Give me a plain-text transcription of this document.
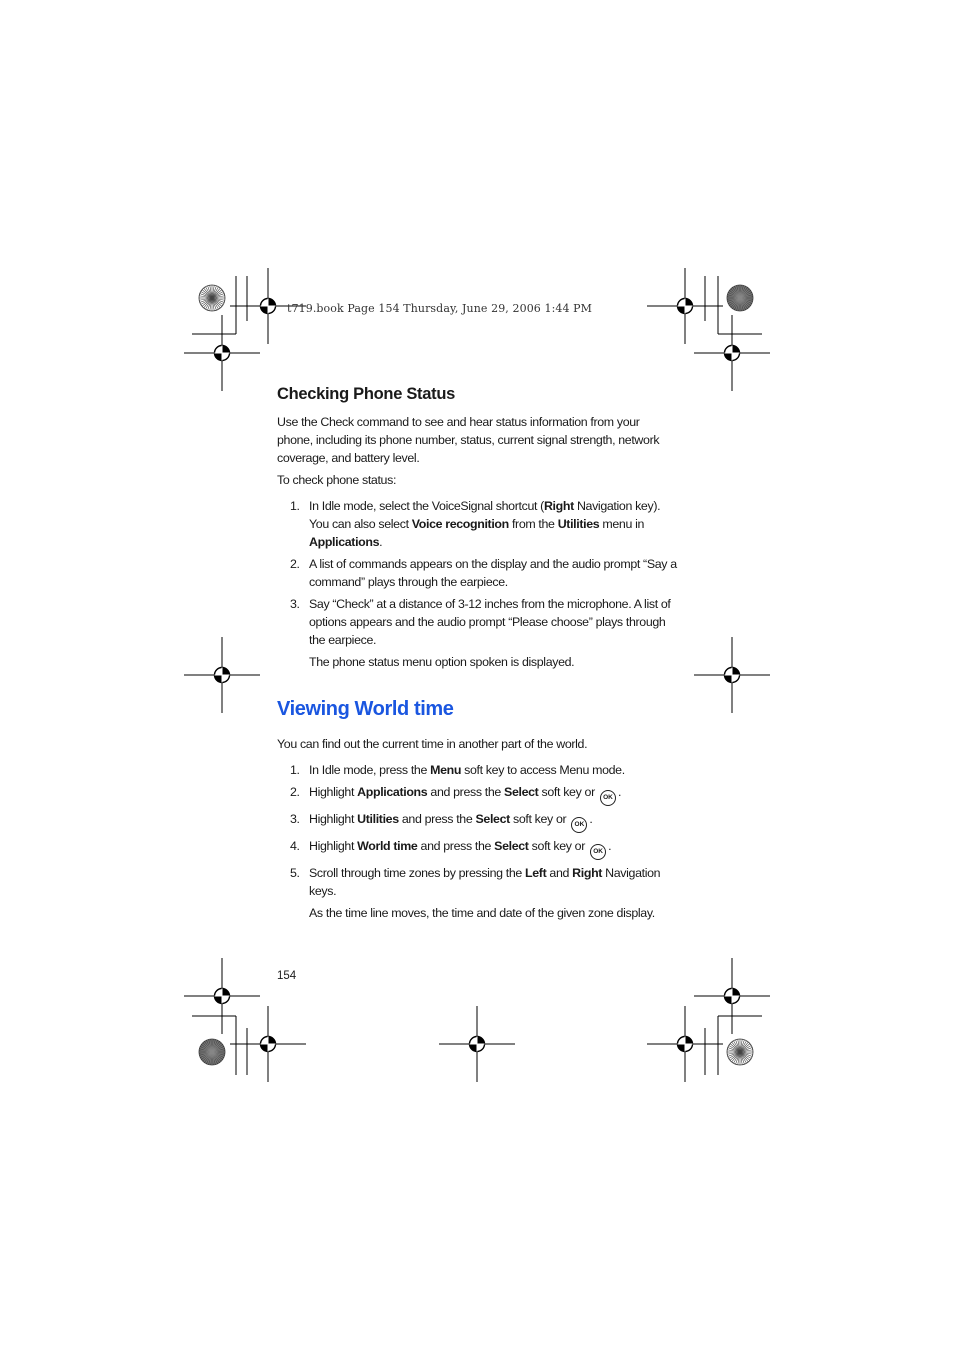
t719.book Page 154 Thursday, June 29, 2006 1:44 PM
Checking Phone Status

Use the Check command to see and hear status information from your phone, including its phone number, status, current signal strength, network coverage, and battery level.

To check phone status:

1. In Idle mode, select the VoiceSignal shortcut (Right Navigation key). You can also select Voice recognition from the Utilities menu in Applications.
2. A list of commands appears on the display and the audio prompt “Say a command” plays through the earpiece.
3. Say “Check” at a distance of 3-12 inches from the microphone. A list of options appears and the audio prompt “Please choose” plays through the earpiece.

The phone status menu option spoken is displayed.

Viewing World time

You can find out the current time in another part of the world.

1. In Idle mode, press the Menu soft key to access Menu mode.
2. Highlight Applications and press the Select soft key or OK .
3. Highlight Utilities and press the Select soft key or OK .
4. Highlight World time and press the Select soft key or OK .
5. Scroll through time zones by pressing the Left and Right Navigation keys.

As the time line moves, the time and date of the given zone display.

154
